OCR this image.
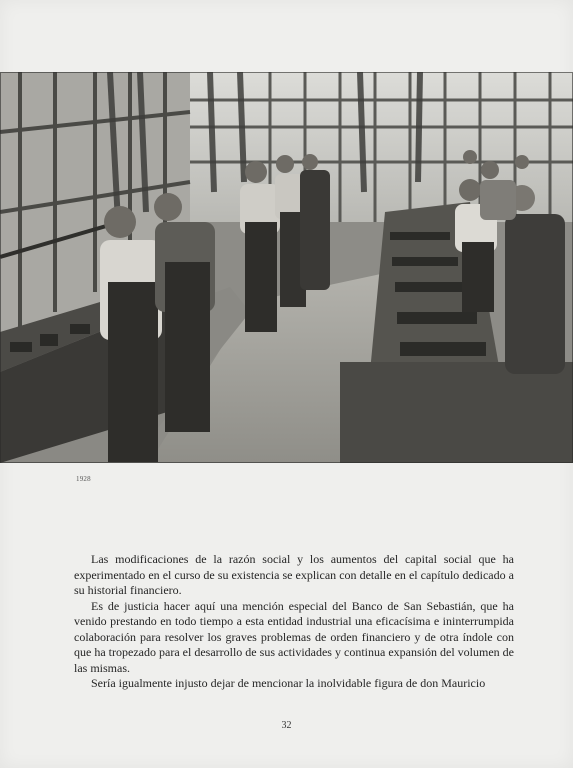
1928

Las modificaciones de la razón social y los aumentos del capital social que ha experimentado en el curso de su existencia se explican con detalle en el capítulo dedicado a su historial financiero.

Es de justicia hacer aquí una mención especial del Banco de San Sebastián, que ha venido prestando en todo tiempo a esta entidad industrial una eficacísima e ininterrumpida colaboración para resolver los graves problemas de orden financiero y de otra índole con que ha tropezado para el desarrollo de sus actividades y continua expansión del volumen de las mismas.

Sería igualmente injusto dejar de mencionar la inolvidable figura de don Mauricio

32
